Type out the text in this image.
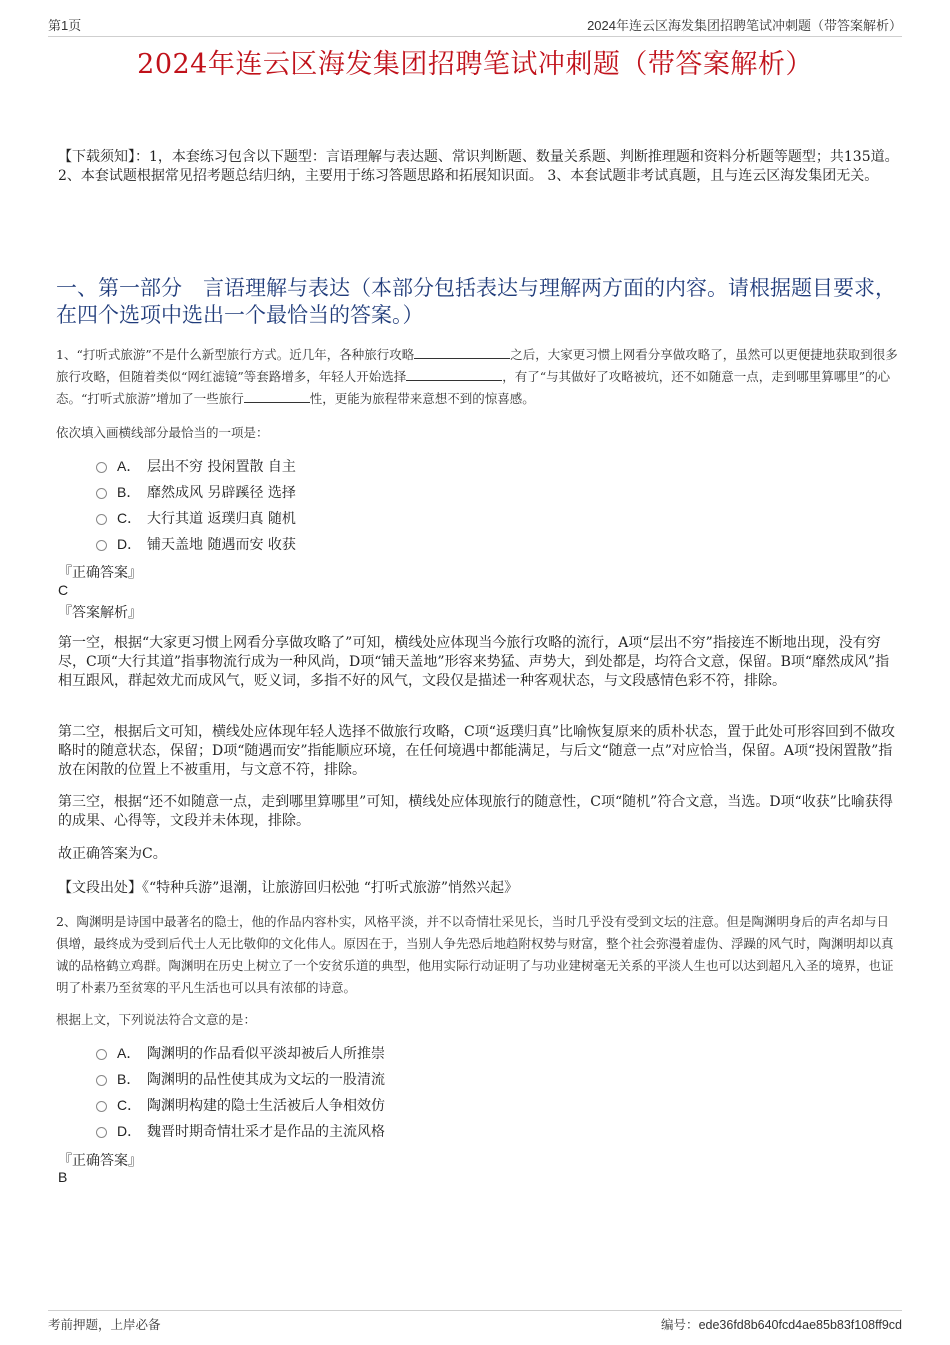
第1页	2024年连云区海发集团招聘笔试冲刺题（带答案解析）
2024年连云区海发集团招聘笔试冲刺题（带答案解析）
【下载须知】：1，本套练习包含以下题型：言语理解与表达题、常识判断题、数量关系题、判断推理题和资料分析题等题型；共135道。 2、本套试题根据常见招考题总结归纳，主要用于练习答题思路和拓展知识面。 3、本套试题非考试真题，且与连云区海发集团无关。
一、第一部分　言语理解与表达（本部分包括表达与理解两方面的内容。请根据题目要求，在四个选项中选出一个最恰当的答案。）
1、“打听式旅游”不是什么新型旅行方式。近几年，各种旅行攻略	之后，大家更习惯上网看分享做攻略了，虽然可以更便捷地获取到很多旅行攻略，但随着类似“网红滤镜”等套路增多，年轻人开始选择	，有了“与其做好了攻略被坑，还不如随意一点，走到哪里算哪里”的心态。“打听式旅游”增加了一些旅行	性，更能为旅程带来意想不到的惊喜感。
依次填入画横线部分最恰当的一项是：
A． 层出不穷 投闲置散 自主
B． 靡然成风 另辟蹊径 选择
C． 大行其道 返璞归真 随机
D． 铺天盖地 随遇而安 收获
『正确答案』
C
『答案解析』
第一空，根据“大家更习惯上网看分享做攻略了”可知，横线处应体现当今旅行攻略的流行，A项“层出不穷”指接连不断地出现，没有穷尽，C项“大行其道”指事物流行成为一种风尚，D项“铺天盖地”形容来势猛、声势大，到处都是，均符合文意，保留。B项“靡然成风”指相互跟风，群起效尤而成风气，贬义词，多指不好的风气，文段仅是描述一种客观状态，与文段感情色彩不符，排除。
第二空，根据后文可知，横线处应体现年轻人选择不做旅行攻略，C项“返璞归真”比喻恢复原来的质朴状态，置于此处可形容回到不做攻略时的随意状态，保留；D项“随遇而安”指能顺应环境，在任何境遇中都能满足，与后文“随意一点”对应恰当，保留。A项“投闲置散”指放在闲散的位置上不被重用，与文意不符，排除。
第三空，根据“还不如随意一点，走到哪里算哪里”可知，横线处应体现旅行的随意性，C项“随机”符合文意，当选。D项“收获”比喻获得的成果、心得等，文段并未体现，排除。
故正确答案为C。
【文段出处】《“特种兵游”退潮，让旅游回归松弛 “打听式旅游”悄然兴起》
2、陶渊明是诗国中最著名的隐士，他的作品内容朴实，风格平淡，并不以奇情壮采见长，当时几乎没有受到文坛的注意。但是陶渊明身后的声名却与日俱增，最终成为受到后代士人无比敬仰的文化伟人。原因在于，当别人争先恐后地趋附权势与财富，整个社会弥漫着虚伪、浮躁的风气时，陶渊明却以真诚的品格鹤立鸡群。陶渊明在历史上树立了一个安贫乐道的典型，他用实际行动证明了与功业建树毫无关系的平淡人生也可以达到超凡入圣的境界，也证明了朴素乃至贫寒的平凡生活也可以具有浓郁的诗意。
根据上文，下列说法符合文意的是：
A． 陶渊明的作品看似平淡却被后人所推崇
B． 陶渊明的品性使其成为文坛的一股清流
C． 陶渊明构建的隐士生活被后人争相效仿
D． 魏晋时期奇情壮采才是作品的主流风格
『正确答案』
B
考前押题，上岸必备	编号：ede36fd8b640fcd4ae85b83f108ff9cd
